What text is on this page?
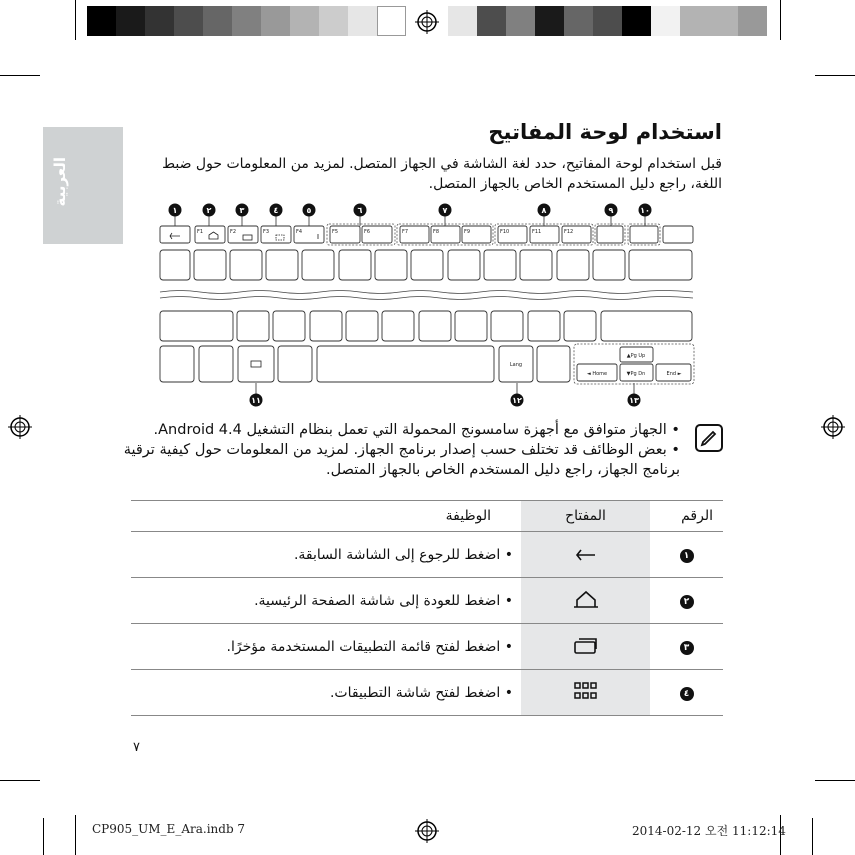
العربية
استخدام لوحة المفاتيح
قبل استخدام لوحة المفاتيح، حدد لغة الشاشة في الجهاز المتصل. لمزيد من المعلومات حول ضبط اللغة، راجع دليل المستخدم الخاص بالجهاز المتصل.
١	٢	٣	٤	٥	٦	٧	٨	٩	١٠
١١	١٢	١٣
F1	F2	F3	F4	F5	F6	F7	F8	F9	F10	F11	F12
Lang
▲Pg Up
▼Pg Dn
◄ Home	End ►
• الجهاز متوافق مع أجهزة سامسونج المحمولة التي تعمل بنظام التشغيل Android 4.4.
• بعض الوظائف قد تختلف حسب إصدار برنامج الجهاز. لمزيد من المعلومات حول كيفية ترقية برنامج الجهاز، راجع دليل المستخدم الخاص بالجهاز المتصل.
الرقم	المفتاح	الوظيفة
١		• اضغط للرجوع إلى الشاشة السابقة.
٢		• اضغط للعودة إلى شاشة الصفحة الرئيسية.
٣		• اضغط لفتح قائمة التطبيقات المستخدمة مؤخرًا.
٤		• اضغط لفتح شاشة التطبيقات.
٧
CP905_UM_E_Ara.indb 7	2014-02-12 오전 11:12:14
